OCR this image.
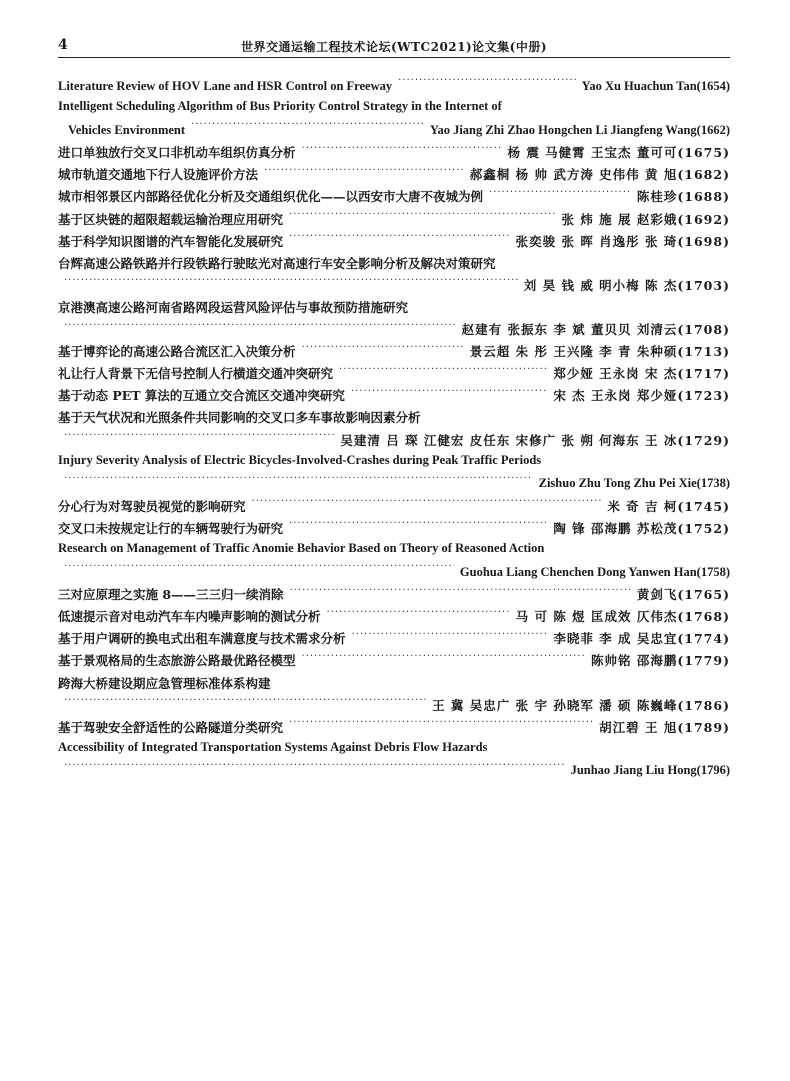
4	世界交通运输工程技术论坛(WTC2021)论文集(中册)
Literature Review of HOV Lane and HSR Control on Freeway ·····	Yao Xu Huachun Tan(1654)
Intelligent Scheduling Algorithm of Bus Priority Control Strategy in the Internet of
Vehicles Environment ·····	Yao Jiang Zhi Zhao Hongchen Li Jiangfeng Wang(1662)
进口单独放行交叉口非机动车组织仿真分析 ·····	杨 震 马健霄 王宝杰 董可可(1675)
城市轨道交通地下行人设施评价方法 ·····	郝鑫桐 杨 帅 武方涛 史伟伟 黄 旭(1682)
城市相邻景区内部路径优化分析及交通组织优化——以西安市大唐不夜城为例 ·····	陈桂珍(1688)
基于区块链的超限超载运输治理应用研究 ·····	张 炜 施 展 赵彩娥(1692)
基于科学知识图谱的汽车智能化发展研究 ·····	张奕骏 张 晖 肖逸彤 张 琦(1698)
台辉高速公路铁路并行段铁路行驶眩光对高速行车安全影响分析及解决对策研究
·····
刘 昊 钱 威 明小梅 陈 杰(1703)
京港澳高速公路河南省路网段运营风险评估与事故预防措施研究
·····
赵建有 张振东 李 斌 董贝贝 刘清云(1708)
基于博弈论的高速公路合流区汇入决策分析 ·····	景云超 朱 彤 王兴隆 李 青 朱种硕(1713)
礼让行人背景下无信号控制人行横道交通冲突研究 ·····	郑少娅 王永岗 宋 杰(1717)
基于动态 PET 算法的互通立交合流区交通冲突研究 ·····	宋 杰 王永岗 郑少娅(1723)
基于天气状况和光照条件共同影响的交叉口多车事故影响因素分析
·····
吴建清 吕 琛 江健宏 皮任东 宋修广 张 朔 何海东 王 冰(1729)
Injury Severity Analysis of Electric Bicycles-Involved-Crashes during Peak Traffic Periods
·····
Zishuo Zhu Tong Zhu Pei Xie(1738)
分心行为对驾驶员视觉的影响研究 ·····	米 奇 吉 柯(1745)
交叉口未按规定让行的车辆驾驶行为研究 ·····	陶 锋 邵海鹏 苏松茂(1752)
Research on Management of Traffic Anomie Behavior Based on Theory of Reasoned Action
·····
Guohua Liang Chenchen Dong Yanwen Han(1758)
三对应原理之实施 8——三三归一续消除 ·····	黄剑飞(1765)
低速提示音对电动汽车车内噪声影响的测试分析 ·····	马 可 陈 煜 匡成效 仄伟杰(1768)
基于用户调研的换电式出租车满意度与技术需求分析 ·····	李晓菲 李 成 吴忠宜(1774)
基于景观格局的生态旅游公路最优路径模型 ·····	陈帅铭 邵海鹏(1779)
跨海大桥建设期应急管理标准体系构建
·····
王 冀 吴忠广 张 宇 孙晓军 潘 硕 陈巍峰(1786)
基于驾驶安全舒适性的公路隧道分类研究 ·····	胡江碧 王 旭(1789)
Accessibility of Integrated Transportation Systems Against Debris Flow Hazards
·····
Junhao Jiang Liu Hong(1796)
